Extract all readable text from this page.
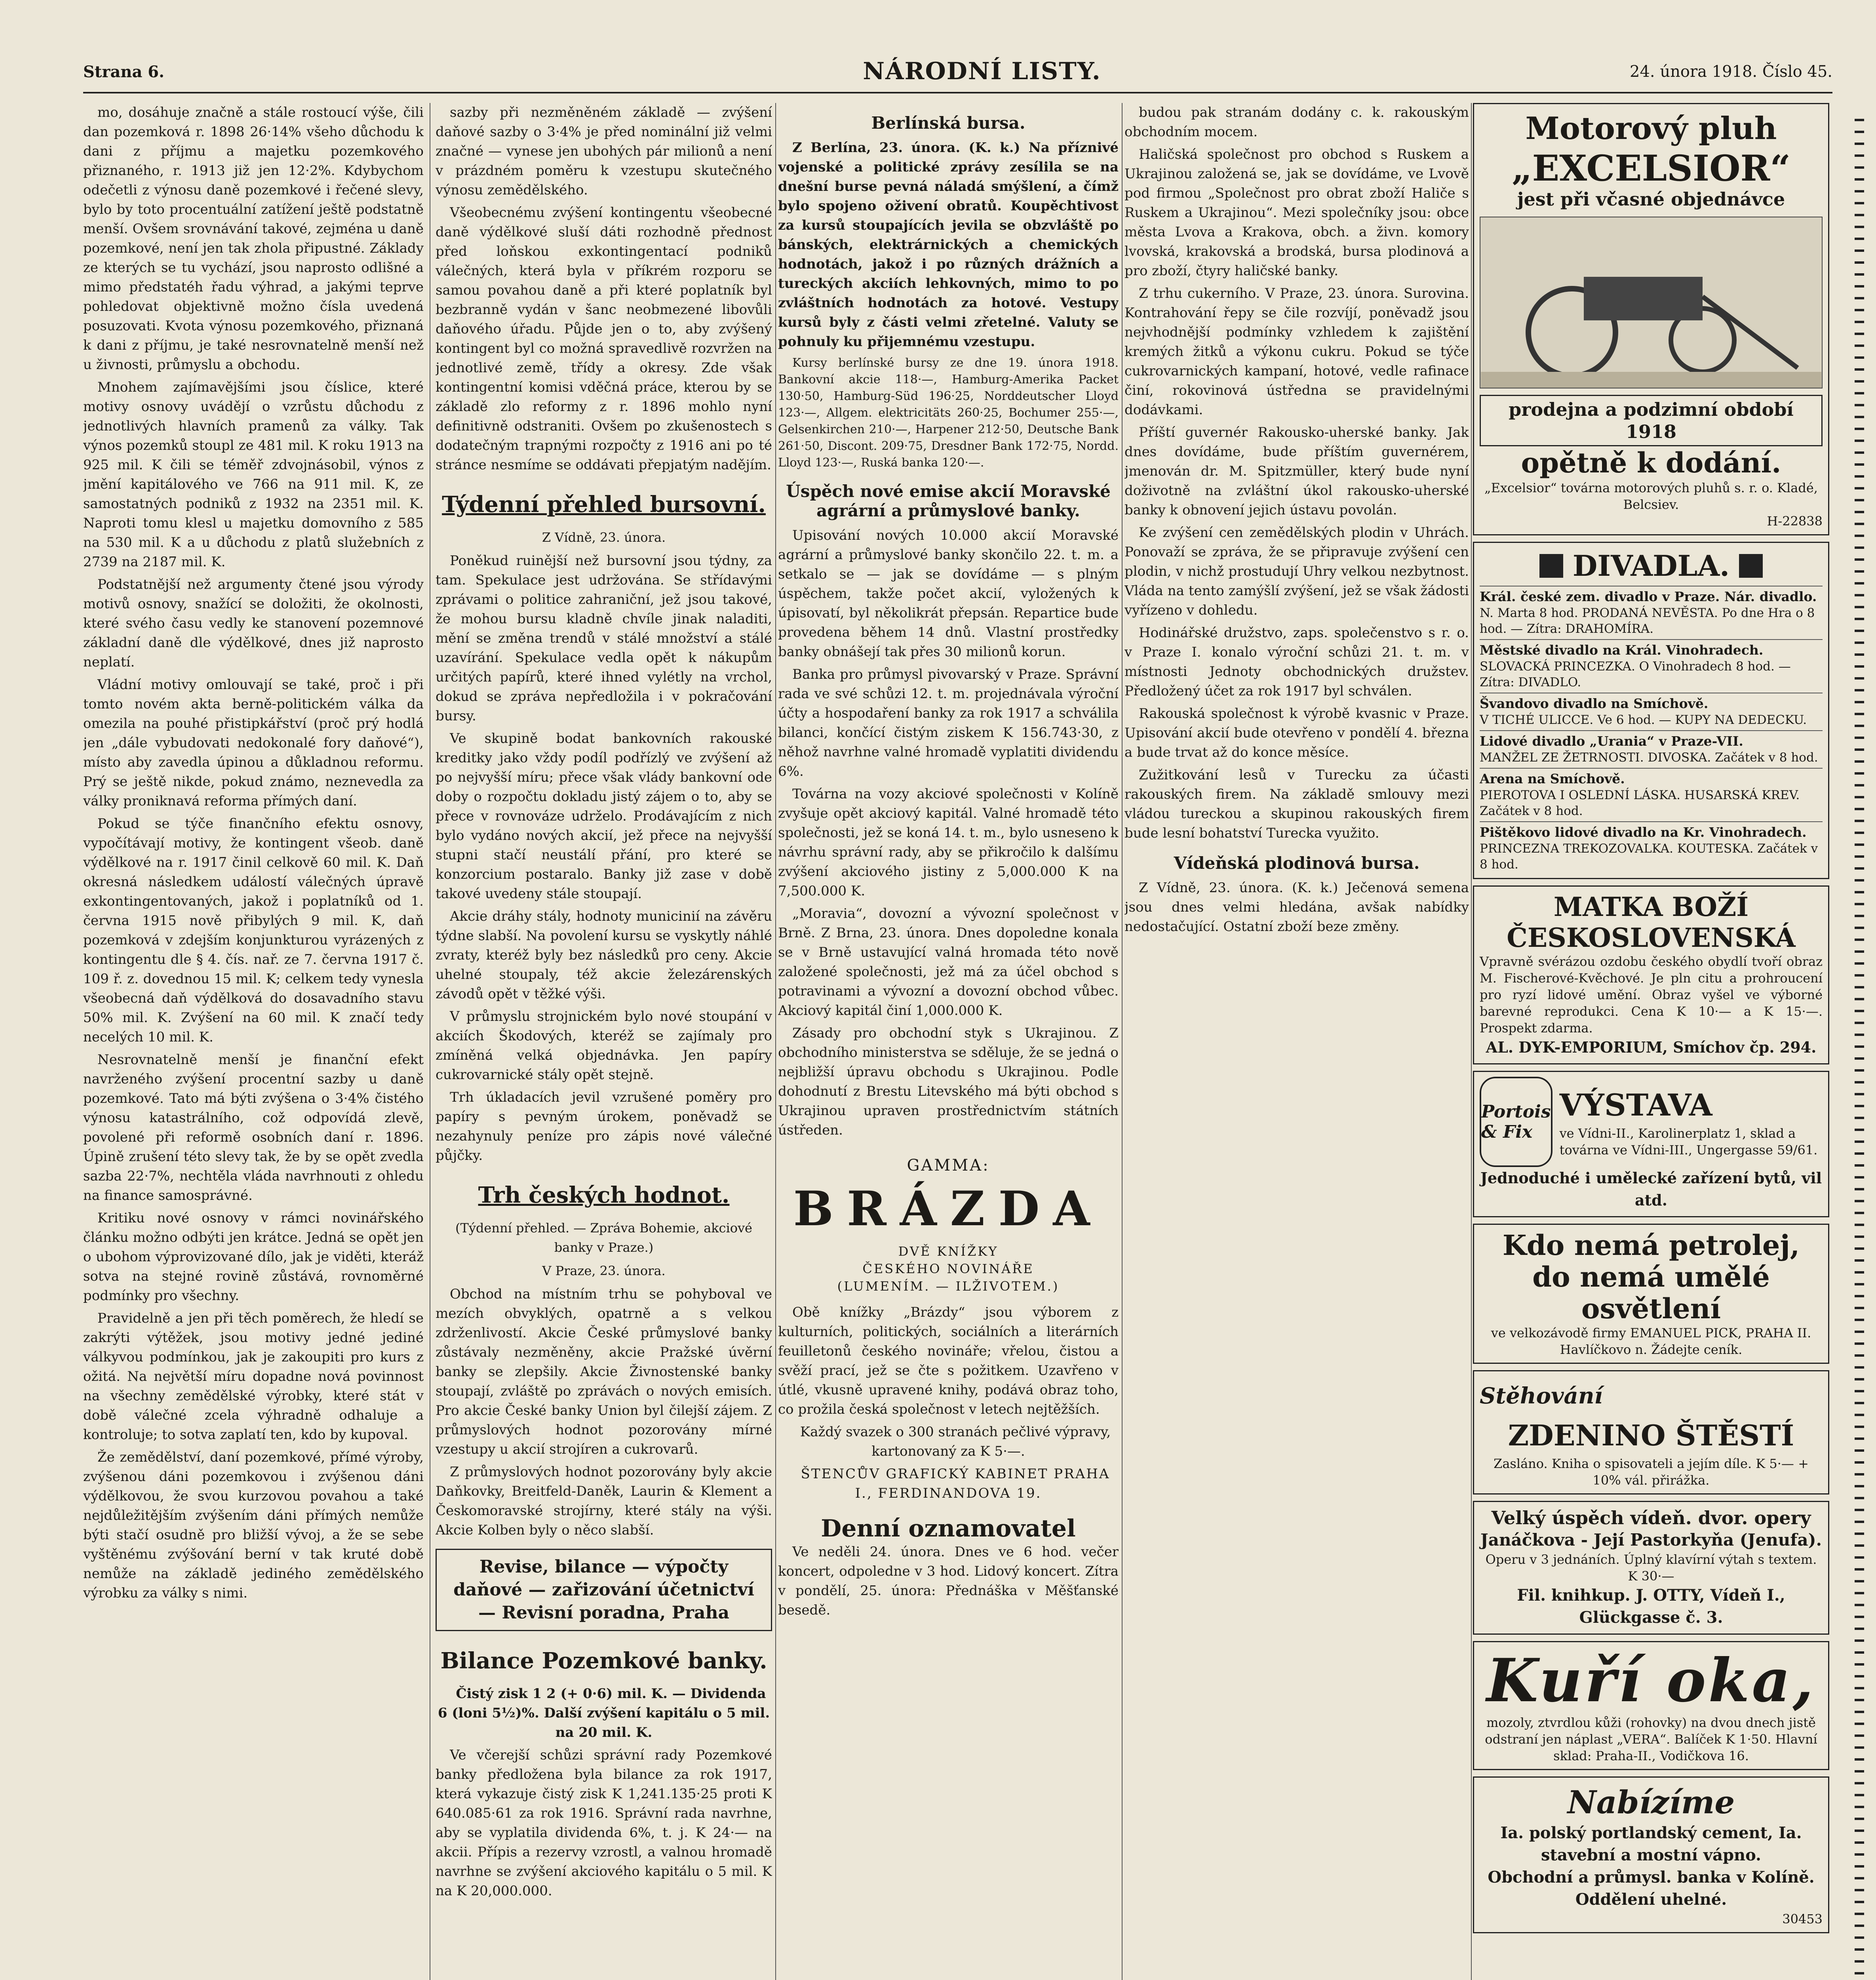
Strana 6.	NÁRODNÍ LISTY.	24. února 1918. Číslo 45.

mo, dosáhuje značně a stále rostoucí výše, čili dan pozemková r. 1898 26·14% všeho důchodu k dani z příjmu a majetku pozemkového přiznaného, r. 1913 již jen 12·2%. Kdybychom odečetli z výnosu daně pozemkové i řečené slevy, bylo by toto procentuální zatížení ještě podstatně menší. Ovšem srovnávání takové, zejména u daně pozemkové, není jen tak zhola připustné. Základy ze kterých se tu vychází, jsou naprosto odlišné a mimo předstatéh řadu výhrad, a jakými teprve pohledovat objektivně možno čísla uvedená posuzovati. Kvota výnosu pozemkového, přiznaná k dani z příjmu, je také nesrovnatelně menší než u živnosti, průmyslu a obchodu.

Mnohem zajímavějšími jsou číslice, které motivy osnovy uvádějí o vzrůstu důchodu z jednotlivých hlavních pramenů za války. Tak výnos pozemků stoupl ze 481 mil. K roku 1913 na 925 mil. K čili se téměř zdvojnásobil, výnos z jmění kapitálového ve 766 na 911 mil. K, ze samostatných podniků z 1932 na 2351 mil. K. Naproti tomu klesl u majetku domovního z 585 na 530 mil. K a u důchodu z platů služebních z 2739 na 2187 mil. K.

Podstatnější než argumenty čtené jsou výrody motivů osnovy, snažící se doložiti, že okolnosti, které svého času vedly ke stanovení pozemnové základní daně dle výdělkové, dnes již naprosto neplatí.

Vládní motivy omlouvají se také, proč i při tomto novém akta berně-politickém válka da omezila na pouhé přistipkářství (proč prý hodlá jen „dále vybudovati nedokonalé fory daňové“), místo aby zavedla úpinou a důkladnou reformu. Prý se ještě nikde, pokud známo, neznevedla za války proniknavá reforma přímých daní.

Pokud se týče finančního efektu osnovy, vypočítávají motivy, že kontingent všeob. daně výdělkové na r. 1917 činil celkově 60 mil. K. Daň okresná následkem událostí válečných úpravě exkontingentovaných, jakož i poplatníků od 1. června 1915 nově přibylých 9 mil. K, daň pozemková v zdejším konjunkturou vyrázených z kontingentu dle § 4. čís. nař. ze 7. června 1917 č. 109 ř. z. dovednou 15 mil. K; celkem tedy vynesla všeobecná daň výdělková do dosavadního stavu 50% mil. K. Zvýšení na 60 mil. K značí tedy necelých 10 mil. K.

Nesrovnatelně menší je finanční efekt navrženého zvýšení procentní sazby u daně pozemkové. Tato má býti zvýšena o 3·4% čistého výnosu katastrálního, což odpovídá zlevě, povolené při reformě osobních daní r. 1896. Úpině zrušení této slevy tak, že by se opět zvedla sazba 22·7%, nechtěla vláda navrhnouti z ohledu na finance samosprávné.

Kritiku nové osnovy v rámci novinářského článku možno odbýti jen krátce. Jedná se opět jen o ubohom výprovizované dílo, jak je viděti, kteráž sotva na stejné rovině zůstává, rovnoměrné podmínky pro všechny.

Pravidelně a jen při těch poměrech, že hledí se zakrýti výtěžek, jsou motivy jedné jediné válkyvou podmínkou, jak je zakoupiti pro kurs z ožitá. Na největší míru dopadne nová povinnost na všechny zemědělské výrobky, které stát v době válečné zcela výhradně odhaluje a kontroluje; to sotva zaplatí ten, kdo by kupoval.

Že zemědělství, daní pozemkové, přímé výroby, zvýšenou dáni pozemkovou i zvýšenou dáni výdělkovou, že svou kurzovou povahou a také nejdůležitějším zvýšením dáni přímých nemůže býti stačí osudně pro bližší vývoj, a že se sebe vyštěnému zvýšování berní v tak kruté době nemůže na základě jediného zemědělského výrobku za války s nimi.

sazby při nezměněném základě — zvýšení daňové sazby o 3·4% je před nominální již velmi značné — vynese jen ubohých pár milionů a není v prázdném poměru k vzestupu skutečného výnosu zemědělského.

Všeobecnému zvýšení kontingentu všeobecné daně výdělkové sluší dáti rozhodně přednost před loňskou exkontingentací podniků válečných, která byla v příkrém rozporu se samou povahou daně a při které poplatník byl bezbranně vydán v šanc neobmezené libovůli daňového úřadu. Půjde jen o to, aby zvýšený kontingent byl co možná spravedlivě rozvržen na jednotlivé země, třídy a okresy. Zde však kontingentní komisi vděčná práce, kterou by se základě zlo reformy z r. 1896 mohlo nyní definitivně odstraniti. Ovšem po zkušenostech s dodatečným trapnými rozpočty z 1916 ani po té stránce nesmíme se oddávati přepjatým nadějím.

Týdenní přehled bursovní.
Z Vídně, 23. února.

Poněkud ruinější než bursovní jsou týdny, za tam. Spekulace jest udržována. Se střídavými zprávami o politice zahraniční, jež jsou takové, že mohou bursu kladně chvíle jinak naladiti, mění se změna trendů v stálé množství a stálé uzavírání. Spekulace vedla opět k nákupům určitých papírů, které ihned vylétly na vrchol, dokud se zpráva nepředložila i v pokračování bursy.

Ve skupině bodat bankovních rakouské kreditky jako vždy podíl podřízlý ve zvýšení až po nejvyšší míru; přece však vlády bankovní ode doby o rozpočtu dokladu jistý zájem o to, aby se přece v rovnováze udrželo. Prodávajícím z nich bylo vydáno nových akcií, jež přece na nejvyšší stupni stačí neustálí přání, pro které se konzorcium postaralo. Banky již zase v době takové uvedeny stále stoupají.

Akcie dráhy stály, hodnoty municinií na závěru týdne slabší. Na povolení kursu se vyskytly náhlé zvraty, kteréž byly bez následků pro ceny. Akcie uhelné stoupaly, též akcie železárenských závodů opět v těžké výši.

V průmyslu strojnickém bylo nové stoupání v akciích Škodových, kteréž se zajímaly pro zmíněná velká objednávka. Jen papíry cukrovarnické stály opět stejně.

Trh úkladacích jevil vzrušené poměry pro papíry s pevným úrokem, poněvadž se nezahynuly peníze pro zápis nové válečné půjčky.

Trh českých hodnot.
(Týdenní přehled. — Zpráva Bohemie, akciové banky v Praze.)
V Praze, 23. února.

Obchod na místním trhu se pohyboval ve mezích obvyklých, opatrně a s velkou zdrženlivostí. Akcie České průmyslové banky zůstávaly nezměněny, akcie Pražské úvěrní banky se zlepšily. Akcie Živnostenské banky stoupají, zvláště po zprávách o nových emisích. Pro akcie České banky Union byl čilejší zájem. Z průmyslových hodnot pozorovány mírné vzestupy u akcií strojíren a cukrovarů.

Z průmyslových hodnot pozorovány byly akcie Daňkovky, Breitfeld-Daněk, Laurin & Klement a Českomoravské strojírny, které stály na výši. Akcie Kolben byly o něco slabší.

Revise, bilance — výpočty daňové — zařizování účetnictví — Revisní poradna, Praha
Bilance Pozemkové banky.

Čistý zisk 1 2 (+ 0·6) mil. K. — Dividenda 6 (loni 5½)%. Další zvýšení kapitálu o 5 mil. na 20 mil. K.

Ve včerejší schůzi správní rady Pozemkové banky předložena byla bilance za rok 1917, která vykazuje čistý zisk K 1,241.135·25 proti K 640.085·61 za rok 1916. Správní rada navrhne, aby se vyplatila dividenda 6%, t. j. K 24·— na akcii. Přípis a rezervy vzrostl, a valnou hromadě navrhne se zvýšení akciového kapitálu o 5 mil. K na K 20,000.000.

Berlínská bursa.

Z Berlína, 23. února. (K. k.) Na příznivé vojenské a politické zprávy zesílila se na dnešní burse pevná náladá smýšlení, a čímž bylo spojeno oživení obratů. Koupěchtivost za kursů stoupajících jevila se obzvláště po bánských, elektrárnických a chemických hodnotách, jakož i po různých drážních a tureckých akciích lehkovných, mimo to po zvláštních hodnotách za hotové. Vestupy kursů byly z části velmi zřetelné. Valuty se pohnuly ku přijemnému vzestupu.

Kursy berlínské bursy ze dne 19. února 1918. Bankovní akcie 118·—, Hamburg-Amerika Packet 130·50, Hamburg-Süd 196·25, Norddeutscher Lloyd 123·—, Allgem. elektricitäts 260·25, Bochumer 255·—, Gelsenkirchen 210·—, Harpener 212·50, Deutsche Bank 261·50, Discont. 209·75, Dresdner Bank 172·75, Nordd. Lloyd 123·—, Ruská banka 120·—.

Úspěch nové emise akcií Moravské agrární a průmyslové banky.

Upisování nových 10.000 akcií Moravské agrární a průmyslové banky skončilo 22. t. m. a setkalo se — jak se dovídáme — s plným úspěchem, takže počet akcií, vyložených k úpisovatí, byl několikrát přepsán. Repartice bude provedena během 14 dnů. Vlastní prostředky banky obnášejí tak přes 30 milionů korun.

Banka pro průmysl pivovarský v Praze. Správní rada ve své schůzi 12. t. m. projednávala výroční účty a hospodaření banky za rok 1917 a schválila bilanci, končící čistým ziskem K 156.743·30, z něhož navrhne valné hromadě vyplatiti dividendu 6%.

Továrna na vozy akciové společnosti v Kolíně zvyšuje opět akciový kapitál. Valné hromadě této společnosti, jež se koná 14. t. m., bylo usneseno k návrhu správní rady, aby se přikročilo k dalšímu zvýšení akciového jistiny z 5,000.000 K na 7,500.000 K.

„Moravia“, dovozní a vývozní společnost v Brně. Z Brna, 23. února. Dnes dopoledne konala se v Brně ustavující valná hromada této nově založené společnosti, jež má za účel obchod s potravinami a vývozní a dovozní obchod vůbec. Akciový kapitál činí 1,000.000 K.

Zásady pro obchodní styk s Ukrajinou. Z obchodního ministerstva se sděluje, že se jedná o nejbližší úpravu obchodu s Ukrajinou. Podle dohodnutí z Brestu Litevského má býti obchod s Ukrajinou upraven prostřednictvím státních ústředen.

GAMMA:
BRÁZDA
DVĚ KNÍŽKY
ČESKÉHO NOVINÁŘE
(LUMENÍM. — ILŽIVOTEM.)

Obě knížky „Brázdy“ jsou výborem z kulturních, politických, sociálních a literárních feuilletonů českého novináře; vřelou, čistou a svěží prací, jež se čte s požitkem. Uzavřeno v útlé, vkusně upravené knihy, podává obraz toho, co prožila česká společnost v letech nejtěžších.

Každý svazek o 300 stranách pečlivé výpravy, kartonovaný za K 5·—.

ŠTENCŮV GRAFICKÝ KABINET PRAHA I., FERDINANDOVA 19.

Denní oznamovatel

Ve neděli 24. února. Dnes ve 6 hod. večer koncert, odpoledne v 3 hod. Lidový koncert. Zítra v pondělí, 25. února: Přednáška v Měšťanské besedě.

budou pak stranám dodány c. k. rakouským obchodním mocem.

Haličská společnost pro obchod s Ruskem a Ukrajinou založená se, jak se dovídáme, ve Lvově pod firmou „Společnost pro obrat zboží Haliče s Ruskem a Ukrajinou“. Mezi společníky jsou: obce města Lvova a Krakova, obch. a živn. komory lvovská, krakovská a brodská, bursa plodinová a pro zboží, čtyry haličské banky.

Z trhu cukerního. V Praze, 23. února. Surovina. Kontrahování řepy se čile rozvíjí, poněvadž jsou nejvhodnější podmínky vzhledem k zajištění kremých žitků a výkonu cukru. Pokud se týče cukrovarnických kampaní, hotové, vedle rafinace činí, rokovinová ústředna se pravidelnými dodávkami.

Příští guvernér Rakousko-uherské banky. Jak dnes dovídáme, bude příštím guvernérem, jmenován dr. M. Spitzmüller, který bude nyní doživotně na zvláštní úkol rakousko-uherské banky k obnovení jejich ústavu povolán.

Ke zvýšení cen zemědělských plodin v Uhrách. Ponovaží se zpráva, že se připravuje zvýšení cen plodin, v nichž prostudují Uhry velkou nezbytnost. Vláda na tento zamýšlí zvýšení, jež se však žádosti vyřízeno v dohledu.

Hodinářské družstvo, zaps. společenstvo s r. o. v Praze I. konalo výroční schůzi 21. t. m. v místnosti Jednoty obchodnických družstev. Předložený účet za rok 1917 byl schválen.

Rakouská společnost k výrobě kvasnic v Praze. Upisování akcií bude otevřeno v pondělí 4. března a bude trvat až do konce měsíce.

Zužitkování lesů v Turecku za účasti rakouských firem. Na základě smlouvy mezi vládou tureckou a skupinou rakouských firem bude lesní bohatství Turecka využito.

Vídeňská plodinová bursa.

Z Vídně, 23. února. (K. k.) Ječenová semena jsou dnes velmi hledána, avšak nabídky nedostačující. Ostatní zboží beze změny.

Motorový pluh
„EXCELSIOR“
jest při včasné objednávce
prodejna a podzimní období 1918
opětně k dodání.
„Excelsior“ továrna motorových pluhů s. r. o. Kladé, Belcsiev.
H-22838
DIVADLA.
Král. české zem. divadlo v Praze. Nár. divadlo.
N. Marta 8 hod. PRODANÁ NEVĚSTA. Po dne Hra o 8 hod. — Zítra: DRAHOMÍRA.
Městské divadlo na Král. Vinohradech.
SLOVACKÁ PRINCEZKA. O Vinohradech 8 hod. — Zítra: DIVADLO.
Švandovo divadlo na Smíchově.
V TICHÉ ULICCE. Ve 6 hod. — KUPY NA DEDECKU.
Lidové divadlo „Urania“ v Praze-VII.
MANŽEL ZE ŽETRNOSTI. DIVOSKA. Začátek v 8 hod.
Arena na Smíchově.
PIEROTOVA I OSLEDNÍ LÁSKA. HUSARSKÁ KREV. Začátek v 8 hod.
Pištěkovo lidové divadlo na Kr. Vinohradech.
PRINCEZNA TREKOZOVALKA. KOUTESKA. Začátek v 8 hod.
MATKA BOŽÍ ČESKOSLOVENSKÁ
Vpravně svérázou ozdobu českého obydlí tvoří obraz M. Fischerové-Kvěchové. Je pln citu a prohroucení pro ryzí lidové umění. Obraz vyšel ve výborné barevné reprodukci. Cena K 10·— a K 15·—. Prospekt zdarma.
AL. DYK-EMPORIUM, Smíchov čp. 294.
Portois & Fix
VÝSTAVA
ve Vídni-II., Karolinerplatz 1, sklad a továrna ve Vídni-III., Ungergasse 59/61.
Jednoduché i umělecké zařízení bytů, vil atd.
Kdo nemá petrolej, do nemá umělé osvětlení
ve velkozávodě firmy EMANUEL PICK, PRAHA II. Havlíčkovo n. Žádejte ceník.
Stěhování
ZDENINO ŠTĚSTÍ
Zasláno. Kniha o spisovateli a jejím díle. K 5·— + 10% vál. přirážka.
Velký úspěch vídeň. dvor. opery
Janáčkova - Její Pastorkyňa (Jenufa).
Operu v 3 jednáních. Úplný klavírní výtah s textem. K 30·—
Fil. knihkup. J. OTTY, Vídeň I., Glückgasse č. 3.
Kuří oka,
mozoly, ztvrdlou kůži (rohovky) na dvou dnech jistě odstraní jen náplast „VERA“. Balíček K 1·50. Hlavní sklad: Praha-II., Vodičkova 16.
Nabízíme
Ia. polský portlandský cement, Ia. stavební a mostní vápno.
Obchodní a průmysl. banka v Kolíně. Oddělení uhelné.
30453
